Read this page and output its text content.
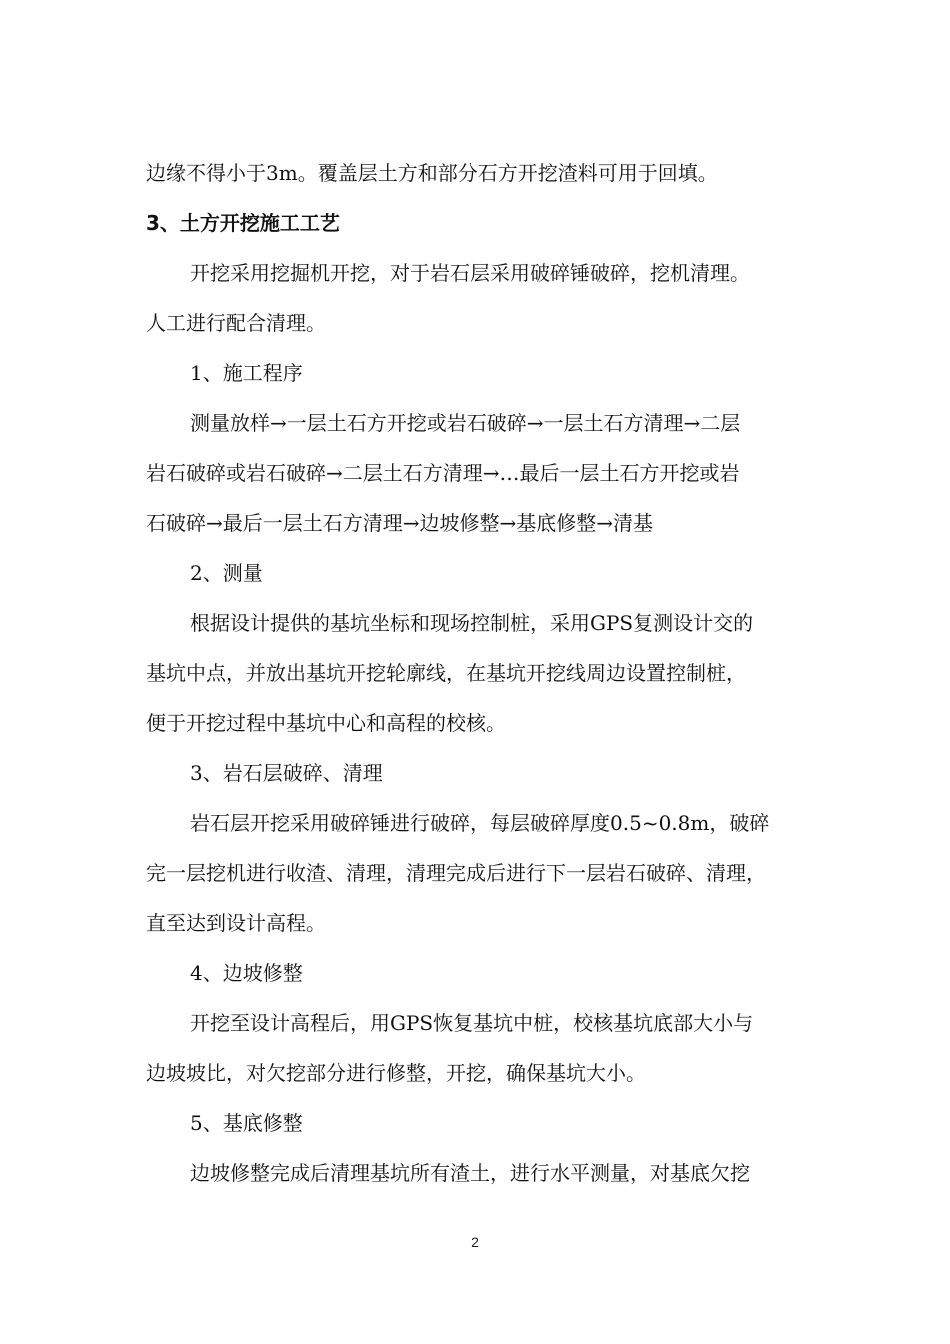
边缘不得小于3m。覆盖层土方和部分石方开挖渣料可用于回填。
3、土方开挖施工工艺
开挖采用挖掘机开挖，对于岩石层采用破碎锤破碎，挖机清理。
人工进行配合清理。
1、施工程序
测量放样→一层土石方开挖或岩石破碎→一层土石方清理→二层
岩石破碎或岩石破碎→二层土石方清理→…最后一层土石方开挖或岩
石破碎→最后一层土石方清理→边坡修整→基底修整→清基
2、测量
根据设计提供的基坑坐标和现场控制桩，采用GPS复测设计交的
基坑中点，并放出基坑开挖轮廓线，在基坑开挖线周边设置控制桩，
便于开挖过程中基坑中心和高程的校核。
3、岩石层破碎、清理
岩石层开挖采用破碎锤进行破碎，每层破碎厚度0.5~0.8m，破碎
完一层挖机进行收渣、清理，清理完成后进行下一层岩石破碎、清理，
直至达到设计高程。
4、边坡修整
开挖至设计高程后，用GPS恢复基坑中桩，校核基坑底部大小与
边坡坡比，对欠挖部分进行修整，开挖，确保基坑大小。
5、基底修整
边坡修整完成后清理基坑所有渣土，进行水平测量，对基底欠挖
2
